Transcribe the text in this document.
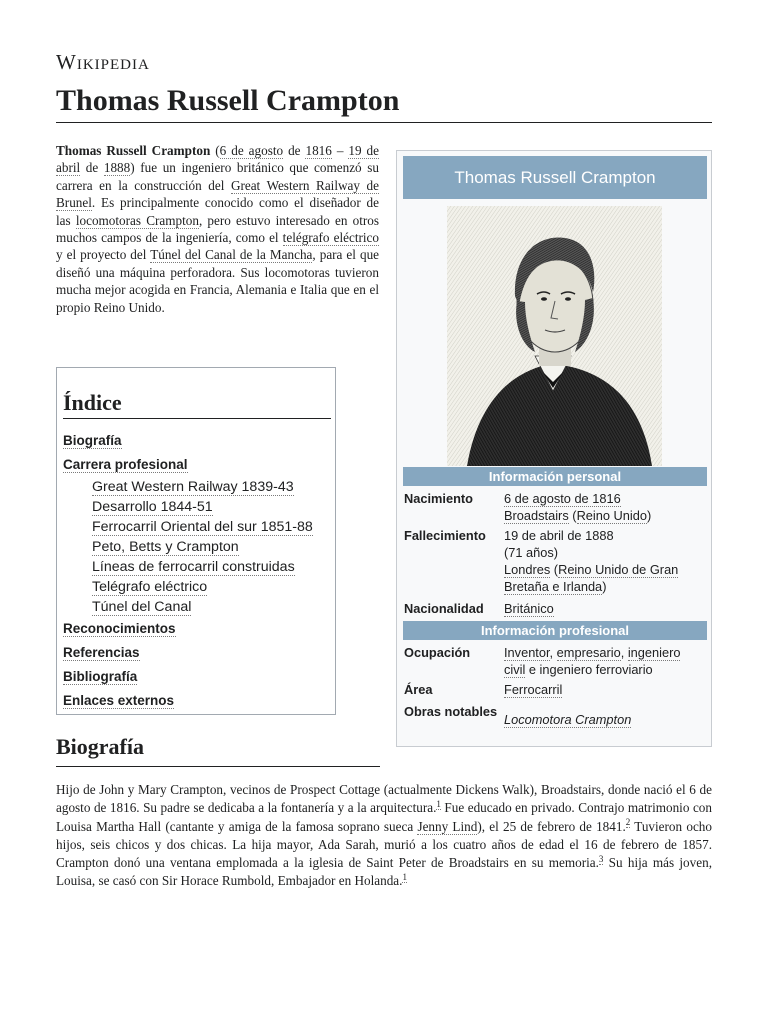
Wikipedia
Thomas Russell Crampton

Thomas Russell Crampton (6 de agosto de 1816 – 19 de abril de 1888) fue un ingeniero británico que comenzó su carrera en la construcción del Great Western Railway de Brunel. Es principalmente conocido como el diseñador de las locomotoras Crampton, pero estuvo interesado en otros muchos campos de la ingeniería, como el telégrafo eléctrico y el proyecto del Túnel del Canal de la Mancha, para el que diseñó una máquina perforadora. Sus locomotoras tuvieron mucha mejor acogida en Francia, Alemania e Italia que en el propio Reino Unido.

Índice
Biografía
Carrera profesional
Great Western Railway 1839-43
Desarrollo 1844-51
Ferrocarril Oriental del sur 1851-88
Peto, Betts y Crampton
Líneas de ferrocarril construidas
Telégrafo eléctrico
Túnel del Canal
Reconocimientos
Referencias
Bibliografía
Enlaces externos
Thomas Russell Crampton
Información personal
Nacimiento	6 de agosto de 1816
Broadstairs (Reino Unido)
Fallecimiento	19 de abril de 1888
(71 años)
Londres (Reino Unido de Gran Bretaña e Irlanda)
Nacionalidad	Británico
Información profesional
Ocupación	Inventor, empresario, ingeniero civil e ingeniero ferroviario
Área	Ferrocarril
Obras notables
Locomotora Crampton
Biografía

Hijo de John y Mary Crampton, vecinos de Prospect Cottage (actualmente Dickens Walk), Broadstairs, donde nació el 6 de agosto de 1816. Su padre se dedicaba a la fontanería y a la arquitectura.$^1$ Fue educado en privado. Contrajo matrimonio con Louisa Martha Hall (cantante y amiga de la famosa soprano sueca Jenny Lind), el 25 de febrero de 1841.$^2$ Tuvieron ocho hijos, seis chicos y dos chicas. La hija mayor, Ada Sarah, murió a los cuatro años de edad el 16 de febrero de 1857. Crampton donó una ventana emplomada a la iglesia de Saint Peter de Broadstairs en su memoria.$^3$ Su hija más joven, Louisa, se casó con Sir Horace Rumbold, Embajador en Holanda.$^1$
